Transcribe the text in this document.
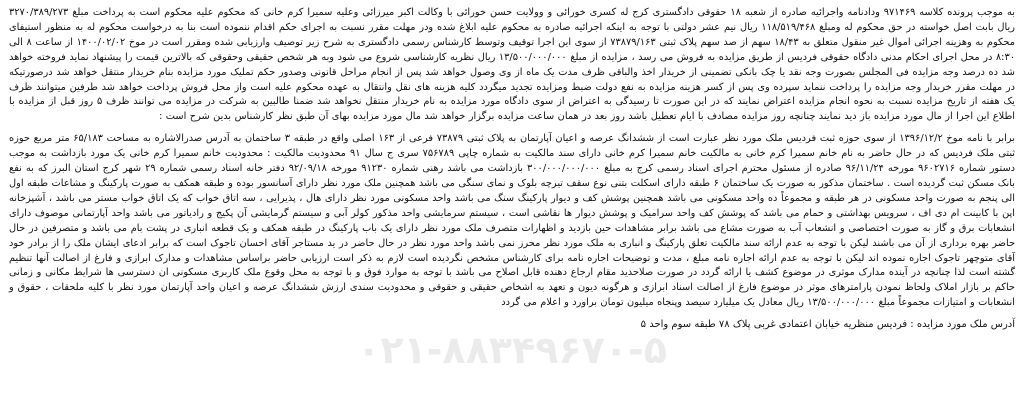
۰۲۱-۸۸۳۴۹۶۷۰-۵

به موجب پرونده کلاسه ۹۷۱۴۶۹ ودادنامه واجرائیه صادره از شعبه ۱۸ حقوقی دادگستری کرج له کسری خورائی و وولایت حسن خورائی با وکالت اکبر میرزائی وعلیه سمیرا کرم خانی که محکوم علیه محکوم است به پرداخت مبلغ ۳۲۷۰/۳۸۹/۲۷۳ ریال بابت اصل خواسته در حق محکوم له ومبلغ ۱۱۸/۵۱۹/۴۶۸ ریال نیم عشر دولتی با توجه به اینکه اجرائیه صادره به محکوم علیه ابلاغ شده ودر مهلت مقرر نسبت به اجرای حکم اقدام ننموده است بنا به درخواست محکوم له به منظور استیفای محکوم به وهزینه اجرائی اموال غیر منقول متعلق به ۱۸/۴۳ سهم از صد سهم پلاک ثبتی ۷۳۸۷۹/۱۶۳ از سوی این اجرا توقیف وتوسط کارشناس رسمی دادگستری به شرح زیر توصیف وارزیابی شده ومقرر است در موخ ۱۴۰۰/۰۲/۰۲ از ساعت ۸ الی ۸:۳۰ در محل اجرای احکام مدنی دادگاه حقوقی فردیس از طریق مزایده به فروش می رسد ، مزایده از مبلغ ۱۳/۵۰۰/۰۰۰/۰۰۰ ریال نظریه کارشناسی شروع می شود وبه هر شخص حقیقی وحقوقی که بالاترین قیمت را پیشنهاد نماید فروخته خواهد شد ده درصد وجه مزایده فی المجلس بصورت وجه نقد یا چک بانکی تضمینی از خریدار اخذ والباقی ظرف مدت یک ماه از وی وصول خواهد شد پس از انجام مراحل قانونی وصدور حکم تملیک مورد مزایده بنام خریدار منتقل خواهد شد درصورتیکه در مهلت مقرر خریدار وجه مزایده را پرداخت ننماید سپرده وی پس از کسر هزینه مزایده به نفع دولت ضبط ومزایده تجدید میگردد کلیه هزینه های نقل وانتقال به عهده محکوم علیه است واز محل فروش پرداخت خواهد شد طرفین میتوانند ظرف یک هفته از تاریخ مزایده نسبت به نحوه انجام مزایده اعتراض نمایند که در این صورت تا رسیدگی به اعتراض از سوی دادگاه مورد مزایده به نام خریدار منتقل نخواهد شد ضمنا طالبین به شرکت در مزایده می توانند ظرف ۵ روز قبل از مزایده با اطلاع این اجرا از مال مورد مزایده باز دید نمایند چنانچه روز مزایده مصادف با ایام تعطیل باشد روز بعد در همان ساعت مزایده برگزار خواهد شد مال مورد مزایده بهای آن طبق نظر کارشناس بدین شرح است :

برابر با نامه موخ ۱۳۹۶/۱۲/۲ از سوی حوزه ثبت فردیس ملک مورد نظر عبارت است از ششدانگ عرصه و اعیان آپارتمان به پلاک ثبتی ۷۳۸۷۹ فرعی از ۱۶۳ اصلی واقع در طبقه ۳ ساختمان به آدرس صدرالاشاره به مساحت ۶۵/۱۸۳ متر مربع حوزه ثبتی ملک فردیس که در حال حاضر به نام خانم سمیرا کرم خانی به مالکیت خانم سمیرا کرم خانی دارای سند مالکیت به شماره چاپی ۷۵۶۷۸۹ سری ج سال ۹۱ محدودیت مالکیت : محدودیت خانم سمیرا کرم خانی یک مورد بازداشت به موجب دستور شماره ۹۶۰۲۷۱۶ مورخه ۹۶/۱۱/۲۴ صادره از مسئول محترم اجرای اسناد رسمی کرج به مبلغ ۳۰۰/۰۰۰/۰۰۰/۰۰۰ بازداشت می باشد رهنی شماره ۹۱۲۳۰ مورخه ۹۲/۰۹/۱۸ دفتر خانه اسناد رسمی شماره ۲۹ شهر کرج استان البرز که به نفع بانک مسکن ثبت گردیده است . ساختمان مذکور به صورت یک ساختمان ۶ طبقه دارای اسکلت بتنی نوع سقف تیرچه بلوک و نمای سنگی می باشد همچنین ملک مورد نظر دارای آسانسور بوده و طبقه همکف به صورت پارکینگ و مشاعات طبقه اول الی پنجم به صورت واحد مسکونی در هر طبقه و مجموعاً ده واحد مسکونی می باشد همچنین پوشش کف و دیوار پارکینگ سنگ می باشد واحد مسکونی مورد نظر دارای هال ، پذیرایی ، سه اتاق خواب که یک اتاق خواب مستر می باشد ، آشپزخانه اپن با کابینت ام دی اف ، سرویس بهداشتی و حمام می باشد که پوشش کف واحد سرامیک و پوشش دیوار ها نقاشی است ، سیستم سرمایشی واحد مذکور کولر آبی و سیستم گرمایشی آن پکیج و رادیاتور می باشد واحد آپارتمانی موصوف دارای انشعابات برق و گاز به صورت اختصاصی و انشعاب آب به صورت مشاع می باشد برابر مشاهدات حین بازدید و اظهارات متصرف ملک مورد نظر دارای یک باب پارکینگ در طبقه همکف و یک قطعه انباری در پشت بام می باشد و متصرفین در حال حاضر بهره برداری از آن می باشند لیکن با توجه به عدم ارائه سند مالکیت تعلق پارکینگ و انباری به ملک مورد نظر محرز نمی باشد واحد مورد نظر در حال حاضر در ید مستاجر آقای احسان تاجوک است که برابر ادعای ایشان ملک را از برادر خود آقای متوچهر تاجوک اجاره نموده اند لیکن با توجه به عدم ارائه اجاره نامه مبلغ ، مدت و توضیحات اجاره نامه برای کارشناس مشخص نگردیده است لازم به ذکر است ارزیابی حاضر براساس مشاهدات و مدارک ابرازی و فارغ از اصالت آنها تنظیم گشته است لذا چنانچه در آینده مدارک موثری در موضوع کشف یا ارائه گردد در صورت صلاحدید مقام ارجاع دهنده قابل اصلاح می باشد با توجه به موارد فوق و با توجه به محل وقوع ملک کاربری مسکونی ان دسترسی ها شرایط مکانی و زمانی حاکم بر بازار املاک ولحاظ نمودن پارامترهای موثر در موضوع فارغ از اصالت اسناد ابرازی و هرگونه دیون و تعهد به اشخاص حقیقی و حقوقی و محدودیت سندی ارزش ششدانگ عرصه و اعیان واحد آپارتمان مورد نظر با کلیه ملحقات ، حقوق و انشعابات و امتیازات مجموعاً مبلغ ۱۳/۵۰۰/۰۰۰/۰۰۰ ریال معادل یک میلیارد سیصد وپنجاه میلیون تومان براورد و اعلام می گردد

آدرس ملک مورد مزایده : فردیس منظریه خیابان اعتمادی غربی پلاک ۷۸ طبقه سوم واحد ۵
